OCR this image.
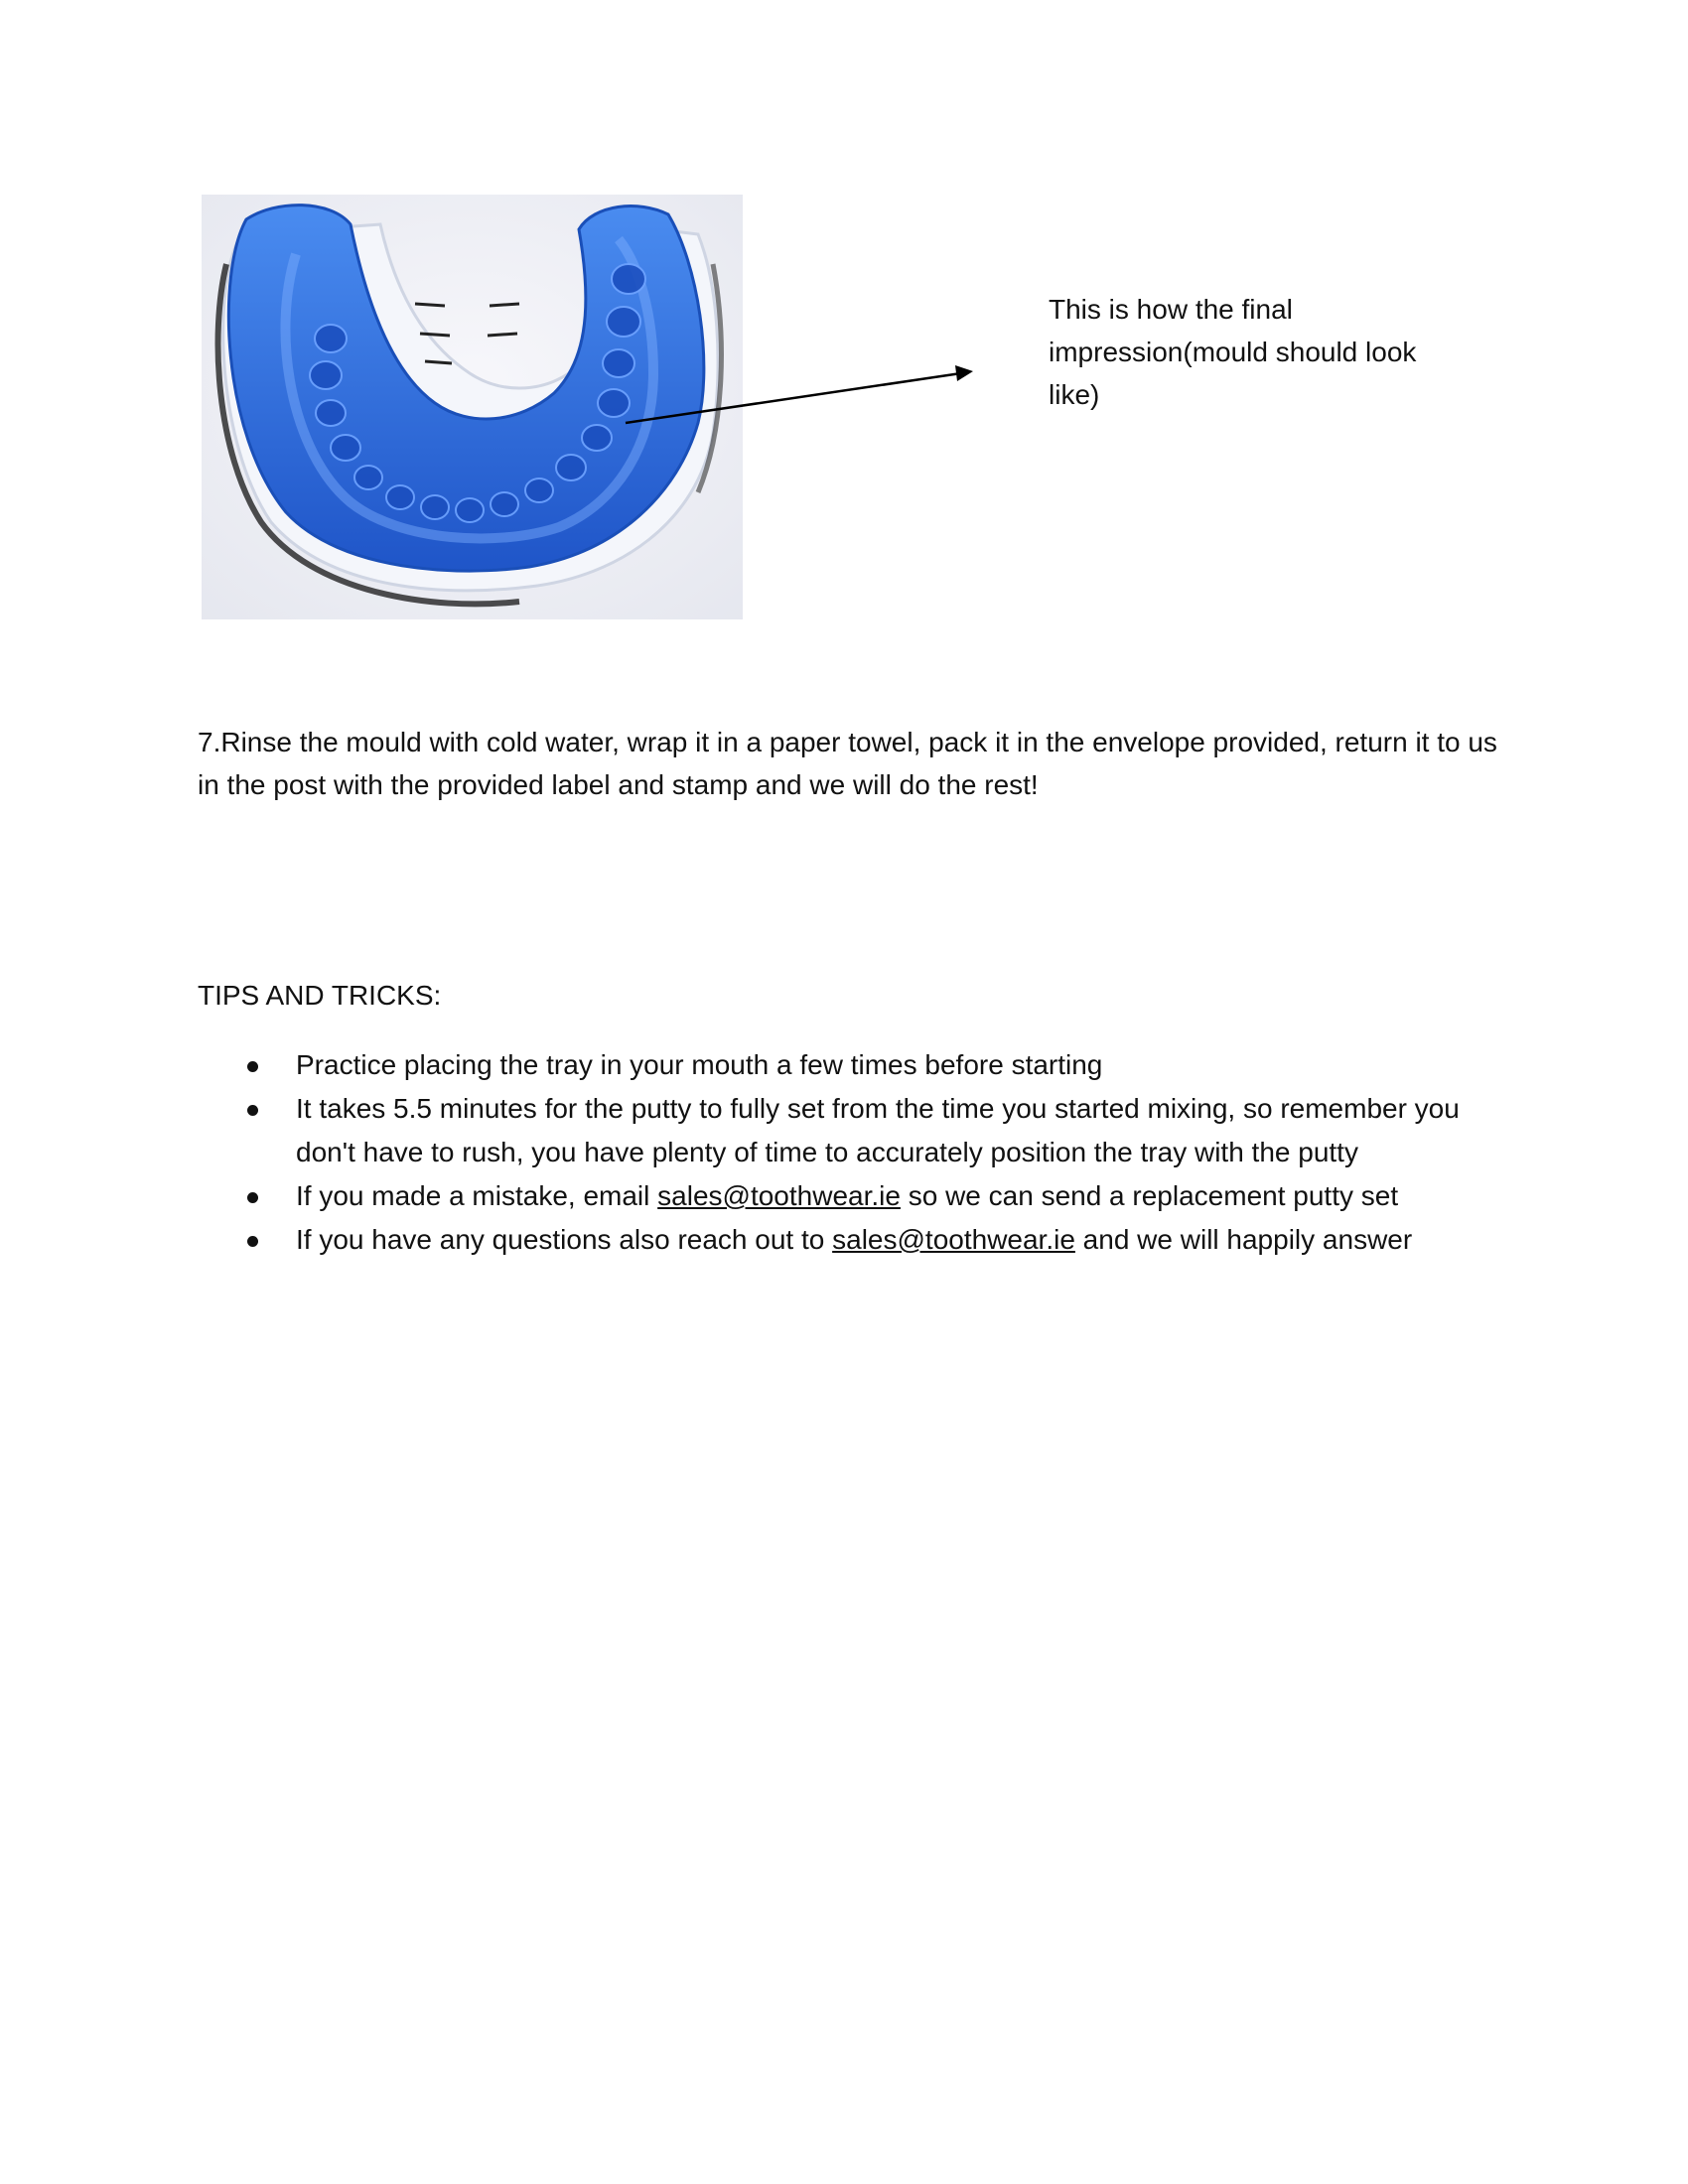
This is how the final impression(mould should look like)

7.Rinse the mould with cold water, wrap it in a paper towel, pack it in the envelope provided, return it to us in the post with the provided label and stamp and we will do the rest!

TIPS AND TRICKS:
Practice placing the tray in your mouth a few times before starting
It takes 5.5 minutes for the putty to fully set from the time you started mixing, so remember you don't have to rush, you have plenty of time to accurately position the tray with the putty
If you made a mistake, email sales@toothwear.ie so we can send a replacement putty set
If you have any questions also reach out to sales@toothwear.ie and we will happily answer
